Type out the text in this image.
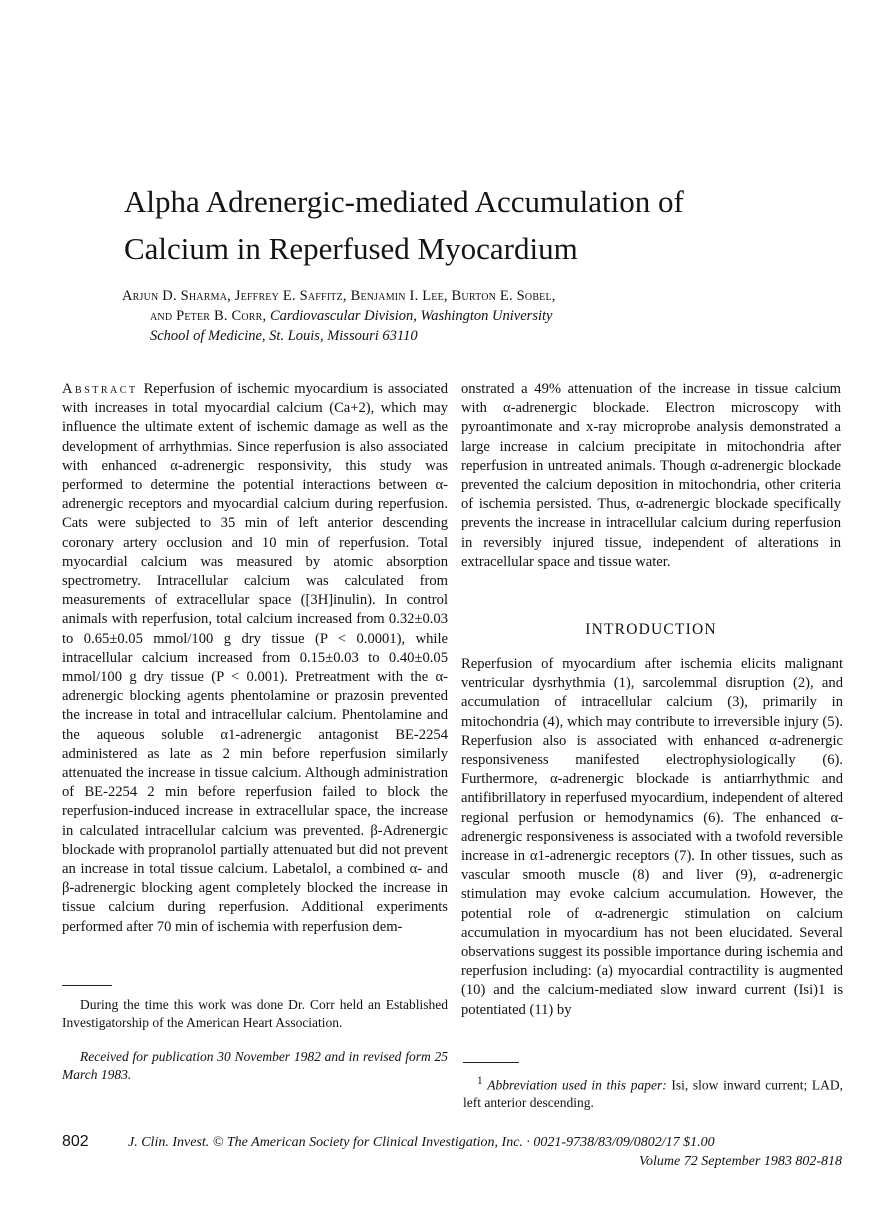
Alpha Adrenergic-mediated Accumulation of
Calcium in Reperfused Myocardium
Arjun D. Sharma, Jeffrey E. Saffitz, Benjamin I. Lee, Burton E. Sobel,
and Peter B. Corr, Cardiovascular Division, Washington University
School of Medicine, St. Louis, Missouri 63110

Abstract Reperfusion of ischemic myocardium is associated with increases in total myocardial calcium (Ca+2), which may influence the ultimate extent of ischemic damage as well as the development of arrhythmias. Since reperfusion is also associated with enhanced α-adrenergic responsivity, this study was performed to determine the potential interactions between α-adrenergic receptors and myocardial calcium during reperfusion. Cats were subjected to 35 min of left anterior descending coronary artery occlusion and 10 min of reperfusion. Total myocardial calcium was measured by atomic absorption spectrometry. Intracellular calcium was calculated from measurements of extracellular space ([3H]inulin). In control animals with reperfusion, total calcium increased from 0.32±0.03 to 0.65±0.05 mmol/100 g dry tissue (P < 0.0001), while intracellular calcium increased from 0.15±0.03 to 0.40±0.05 mmol/100 g dry tissue (P < 0.001). Pretreatment with the α-adrenergic blocking agents phentolamine or prazosin prevented the increase in total and intracellular calcium. Phentolamine and the aqueous soluble α1-adrenergic antagonist BE-2254 administered as late as 2 min before reperfusion similarly attenuated the increase in tissue calcium. Although administration of BE-2254 2 min before reperfusion failed to block the reperfusion-induced increase in extracellular space, the increase in calculated intracellular calcium was prevented. β-Adrenergic blockade with propranolol partially attenuated but did not prevent an increase in total tissue calcium. Labetalol, a combined α- and β-adrenergic blocking agent completely blocked the increase in tissue calcium during reperfusion. Additional experiments performed after 70 min of ischemia with reperfusion dem-

onstrated a 49% attenuation of the increase in tissue calcium with α-adrenergic blockade. Electron microscopy with pyroantimonate and x-ray microprobe analysis demonstrated a large increase in calcium precipitate in mitochondria after reperfusion in untreated animals. Though α-adrenergic blockade prevented the calcium deposition in mitochondria, other criteria of ischemia persisted. Thus, α-adrenergic blockade specifically prevents the increase in intracellular calcium during reperfusion in reversibly injured tissue, independent of alterations in extracellular space and tissue water.

INTRODUCTION

Reperfusion of myocardium after ischemia elicits malignant ventricular dysrhythmia (1), sarcolemmal disruption (2), and accumulation of intracellular calcium (3), primarily in mitochondria (4), which may contribute to irreversible injury (5). Reperfusion also is associated with enhanced α-adrenergic responsiveness manifested electrophysiologically (6). Furthermore, α-adrenergic blockade is antiarrhythmic and antifibrillatory in reperfused myocardium, independent of altered regional perfusion or hemodynamics (6). The enhanced α-adrenergic responsiveness is associated with a twofold reversible increase in α1-adrenergic receptors (7). In other tissues, such as vascular smooth muscle (8) and liver (9), α-adrenergic stimulation may evoke calcium accumulation. However, the potential role of α-adrenergic stimulation on calcium accumulation in myocardium has not been elucidated. Several observations suggest its possible importance during ischemia and reperfusion including: (a) myocardial contractility is augmented (10) and the calcium-mediated slow inward current (Isi)1 is potentiated (11) by

During the time this work was done Dr. Corr held an Established Investigatorship of the American Heart Association.
Received for publication 30 November 1982 and in revised form 25 March 1983.	$^1$ Abbreviation used in this paper: Isi, slow inward current; LAD, left anterior descending.
802	J. Clin. Invest. © The American Society for Clinical Investigation, Inc. · 0021-9738/83/09/0802/17 $1.00
Volume 72 September 1983 802-818
